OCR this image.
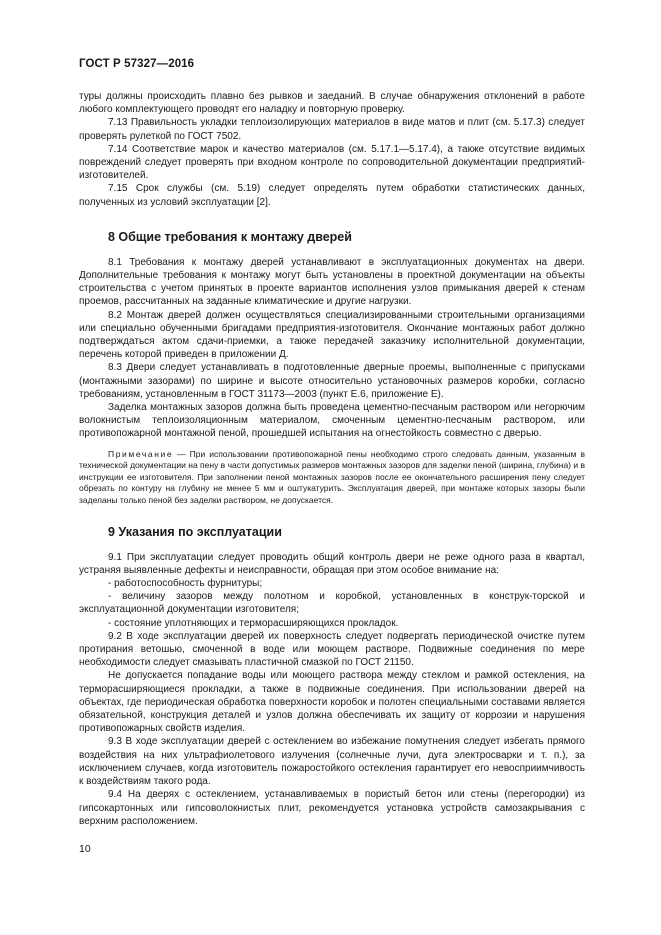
ГОСТ Р 57327—2016

туры должны происходить плавно без рывков и заеданий. В случае обнаружения отклонений в работе любого комплектующего проводят его наладку и повторную проверку.

7.13 Правильность укладки теплоизолирующих материалов в виде матов и плит (см. 5.17.3) следует проверять рулеткой по ГОСТ 7502.

7.14 Соответствие марок и качество материалов (см. 5.17.1—5.17.4), а также отсутствие видимых повреждений следует проверять при входном контроле по сопроводительной документации предприятий-изготовителей.

7.15 Срок службы (см. 5.19) следует определять путем обработки статистических данных, полученных из условий эксплуатации [2].

8 Общие требования к монтажу дверей

8.1 Требования к монтажу дверей устанавливают в эксплуатационных документах на двери. Дополнительные требования к монтажу могут быть установлены в проектной документации на объекты строительства с учетом принятых в проекте вариантов исполнения узлов примыкания дверей к стенам проемов, рассчитанных на заданные климатические и другие нагрузки.

8.2 Монтаж дверей должен осуществляться специализированными строительными организациями или специально обученными бригадами предприятия-изготовителя. Окончание монтажных работ должно подтверждаться актом сдачи-приемки, а также передачей заказчику исполнительной документации, перечень которой приведен в приложении Д.

8.3 Двери следует устанавливать в подготовленные дверные проемы, выполненные с припусками (монтажными зазорами) по ширине и высоте относительно установочных размеров коробки, согласно требованиям, установленным в ГОСТ 31173—2003 (пункт Е.6, приложение Е).

Заделка монтажных зазоров должна быть проведена цементно-песчаным раствором или негорючим волокнистым теплоизоляционным материалом, смоченным цементно-песчаным раствором, или противопожарной монтажной пеной, прошедшей испытания на огнестойкость совместно с дверью.

Примечание — При использовании противопожарной пены необходимо строго следовать данным, указанным в технической документации на пену в части допустимых размеров монтажных зазоров для заделки пеной (ширина, глубина) и в инструкции ее изготовителя. При заполнении пеной монтажных зазоров после ее окончательного расширения пену следует обрезать по контуру на глубину не менее 5 мм и оштукатурить. Эксплуатация дверей, при монтаже которых зазоры были заделаны только пеной без заделки раствором, не допускается.

9 Указания по эксплуатации

9.1 При эксплуатации следует проводить общий контроль двери не реже одного раза в квартал, устраняя выявленные дефекты и неисправности, обращая при этом особое внимание на:

- работоспособность фурнитуры;

- величину зазоров между полотном и коробкой, установленных в конструк-торской и эксплуатационной документации изготовителя;

- состояние уплотняющих и терморасширяющихся прокладок.

9.2 В ходе эксплуатации дверей их поверхность следует подвергать периодической очистке путем протирания ветошью, смоченной в воде или моющем растворе. Подвижные соединения по мере необходимости следует смазывать пластичной смазкой по ГОСТ 21150.

Не допускается попадание воды или моющего раствора между стеклом и рамкой остекления, на терморасширяющиеся прокладки, а также в подвижные соединения. При использовании дверей на объектах, где периодическая обработка поверхности коробок и полотен специальными составами является обязательной, конструкция деталей и узлов должна обеспечивать их защиту от коррозии и нарушения противопожарных свойств изделия.

9.3 В ходе эксплуатации дверей с остеклением во избежание помутнения следует избегать прямого воздействия на них ультрафиолетового излучения (солнечные лучи, дуга электросварки и т. п.), за исключением случаев, когда изготовитель пожаростойкого остекления гарантирует его невосприимчивость к воздействиям такого рода.

9.4 На дверях с остеклением, устанавливаемых в пористый бетон или стены (перегородки) из гипсокартонных или гипсоволокнистых плит, рекомендуется установка устройств самозакрывания с верхним расположением.

10
